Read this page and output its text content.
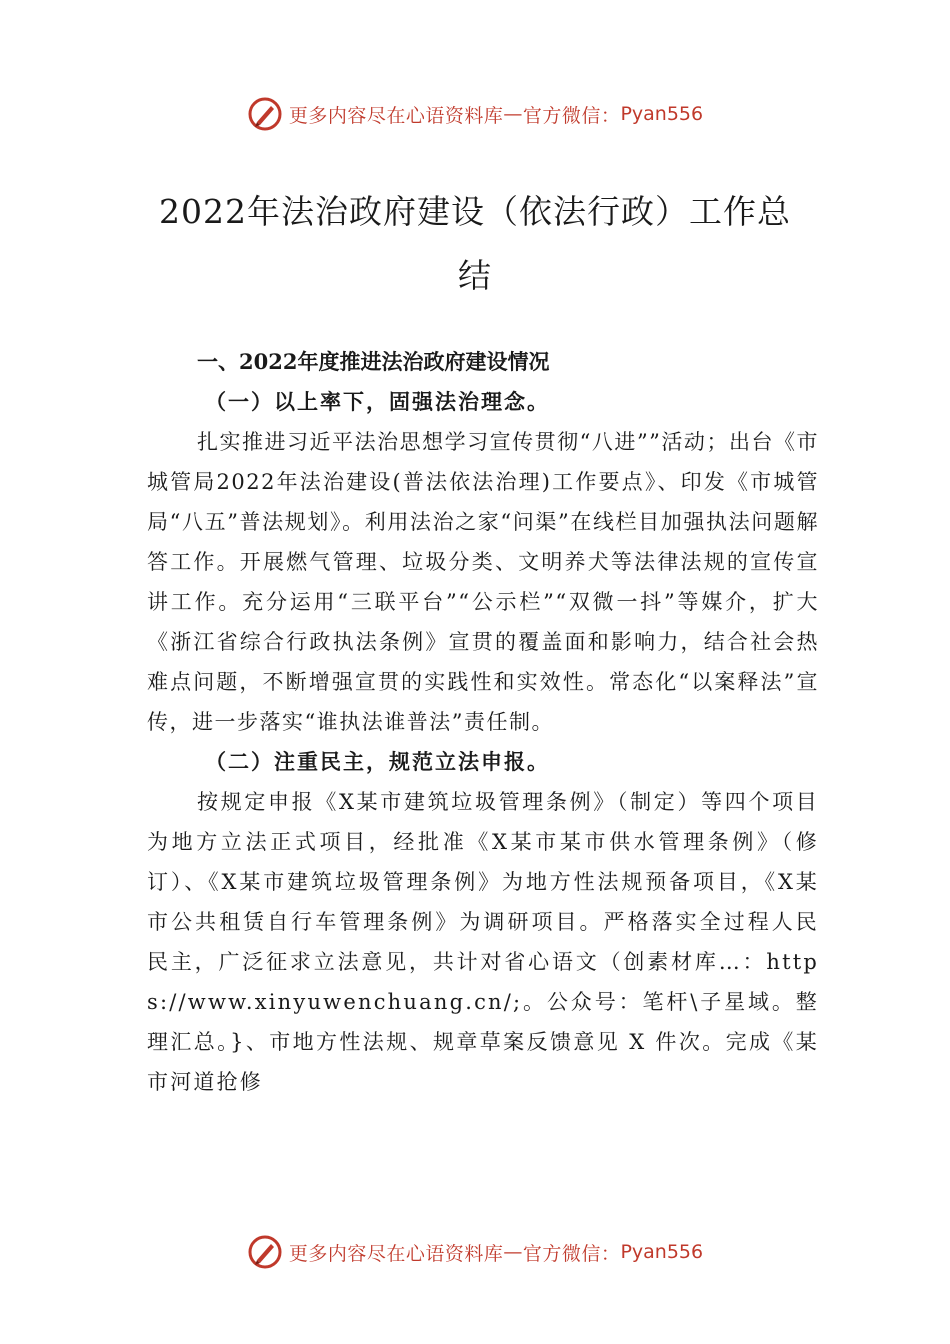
更多内容尽在心语资料库 — 官方微信： Pyan556
2022年法治政府建设（依法行政）工作总
结

一、2022年度推进法治政府建设情况

（一）以上率下，固强法治理念。

扎实推进习近平法治思想学习宣传贯彻“八进””活动；出台《市城管局2022年法治建设(普法依法治理)工作要点》、印发《市城管局“八五”普法规划》。利用法治之家“问渠”在线栏目加强执法问题解答工作。开展燃气管理、垃圾分类、文明养犬等法律法规的宣传宣讲工作。充分运用“三联平台”“公示栏”“双微一抖”等媒介，扩大《浙江省综合行政执法条例》宣贯的覆盖面和影响力，结合社会热难点问题，不断增强宣贯的实践性和实效性。常态化“以案释法”宣传，进一步落实“谁执法谁普法”责任制。

（二）注重民主，规范立法申报。

按规定申报《X某市建筑垃圾管理条例》（制定）等四个项目为地方立法正式项目，经批准《X某市某市供水管理条例》（修订）、《X某市建筑垃圾管理条例》为地方性法规预备项目，《X某市公共租赁自行车管理条例》为调研项目。严格落实全过程人民民主，广泛征求立法意见，共计对省心语文（创素材库…：https://www.xinyuwenchuang.cn/;。公众号：笔杆\子星域。整理汇总。}、市地方性法规、规章草案反馈意见 X 件次。完成《某市河道抢修

更多内容尽在心语资料库 — 官方微信： Pyan556
